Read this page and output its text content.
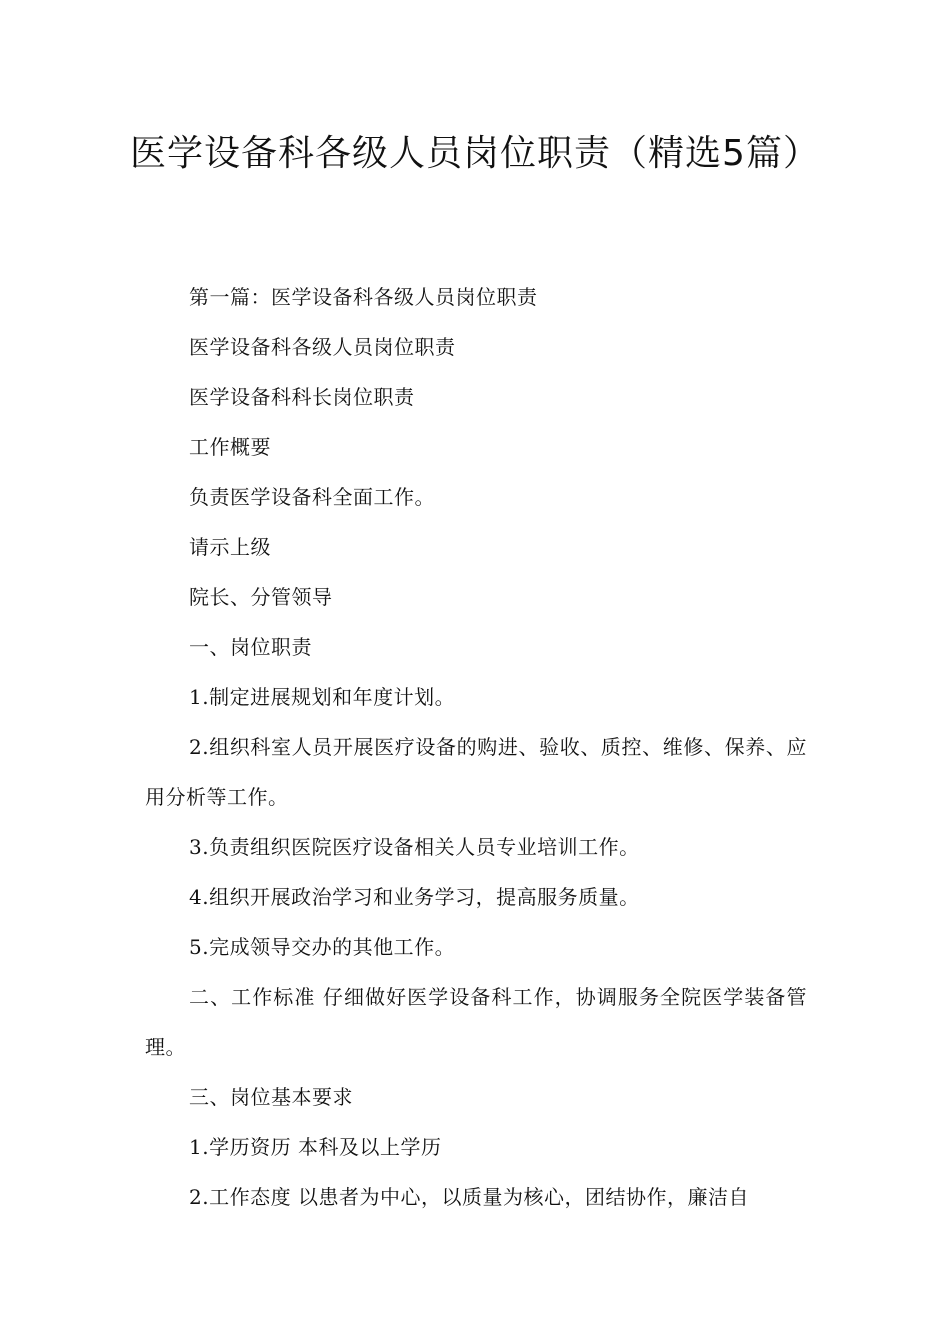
医学设备科各级人员岗位职责（精选5篇）

第一篇：医学设备科各级人员岗位职责

医学设备科各级人员岗位职责

医学设备科科长岗位职责

工作概要

负责医学设备科全面工作。

请示上级

院长、分管领导

一、岗位职责

1.制定进展规划和年度计划。

2.组织科室人员开展医疗设备的购进、验收、质控、维修、保养、应用分析等工作。

3.负责组织医院医疗设备相关人员专业培训工作。

4.组织开展政治学习和业务学习，提高服务质量。

5.完成领导交办的其他工作。

二、工作标准 仔细做好医学设备科工作，协调服务全院医学装备管理。

三、岗位基本要求

1.学历资历 本科及以上学历

2.工作态度 以患者为中心，以质量为核心，团结协作，廉洁自
